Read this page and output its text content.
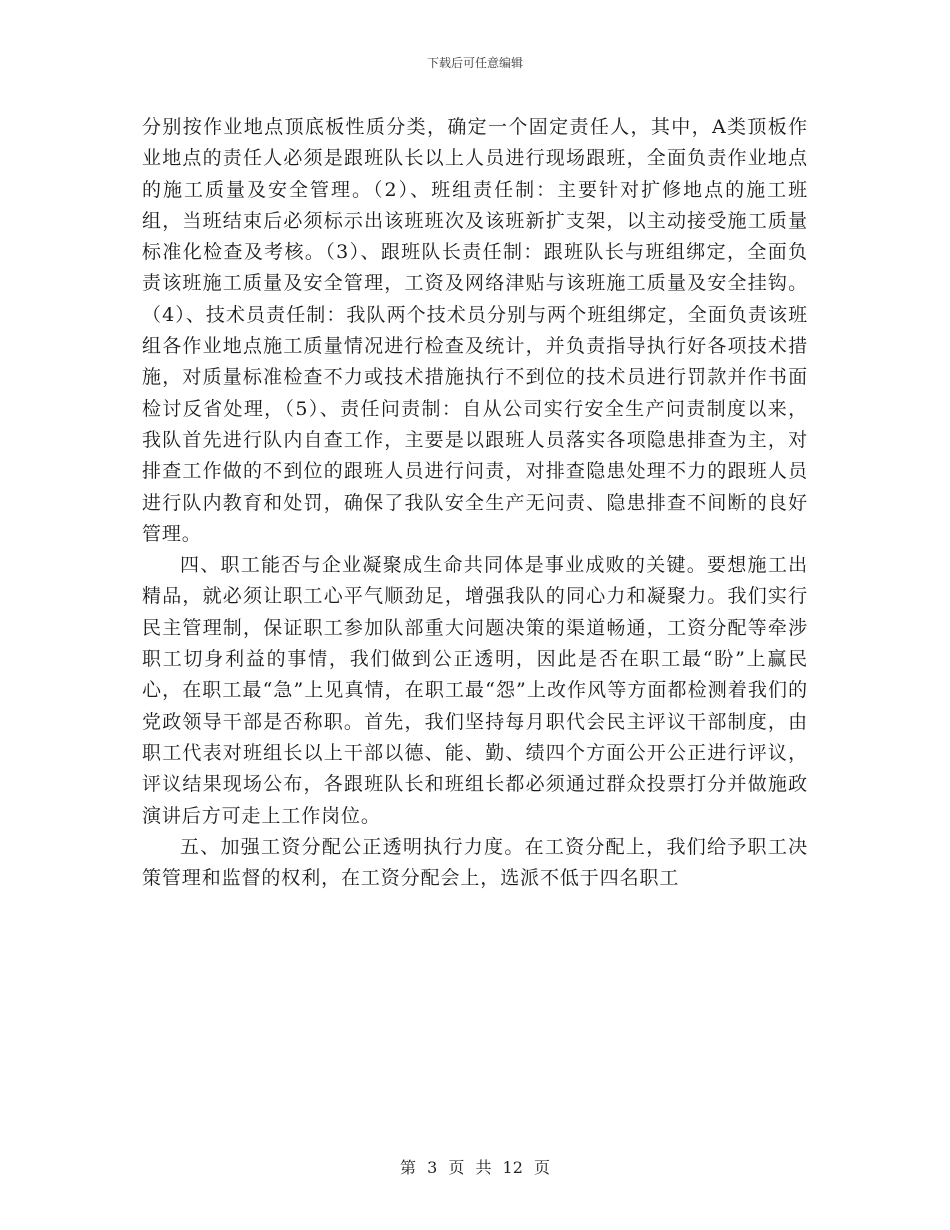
下载后可任意编辑

分别按作业地点顶底板性质分类，确定一个固定责任人，其中，A类顶板作业地点的责任人必须是跟班队长以上人员进行现场跟班，全面负责作业地点的施工质量及安全管理。（2）、班组责任制：主要针对扩修地点的施工班组，当班结束后必须标示出该班班次及该班新扩支架，以主动接受施工质量标准化检查及考核。（3）、跟班队长责任制：跟班队长与班组绑定，全面负责该班施工质量及安全管理，工资及网络津贴与该班施工质量及安全挂钩。（4）、技术员责任制：我队两个技术员分别与两个班组绑定，全面负责该班组各作业地点施工质量情况进行检查及统计，并负责指导执行好各项技术措施，对质量标准检查不力或技术措施执行不到位的技术员进行罚款并作书面检讨反省处理，（5）、责任问责制：自从公司实行安全生产问责制度以来，我队首先进行队内自查工作，主要是以跟班人员落实各项隐患排查为主，对排查工作做的不到位的跟班人员进行问责，对排查隐患处理不力的跟班人员进行队内教育和处罚，确保了我队安全生产无问责、隐患排查不间断的良好管理。

四、职工能否与企业凝聚成生命共同体是事业成败的关键。要想施工出精品，就必须让职工心平气顺劲足，增强我队的同心力和凝聚力。我们实行民主管理制，保证职工参加队部重大问题决策的渠道畅通，工资分配等牵涉职工切身利益的事情，我们做到公正透明，因此是否在职工最“盼”上赢民心，在职工最“急”上见真情，在职工最“怨”上改作风等方面都检测着我们的党政领导干部是否称职。首先，我们坚持每月职代会民主评议干部制度，由职工代表对班组长以上干部以德、能、勤、绩四个方面公开公正进行评议，评议结果现场公布，各跟班队长和班组长都必须通过群众投票打分并做施政演讲后方可走上工作岗位。

五、加强工资分配公正透明执行力度。在工资分配上，我们给予职工决策管理和监督的权利，在工资分配会上，选派不低于四名职工

第 3 页 共 12 页
